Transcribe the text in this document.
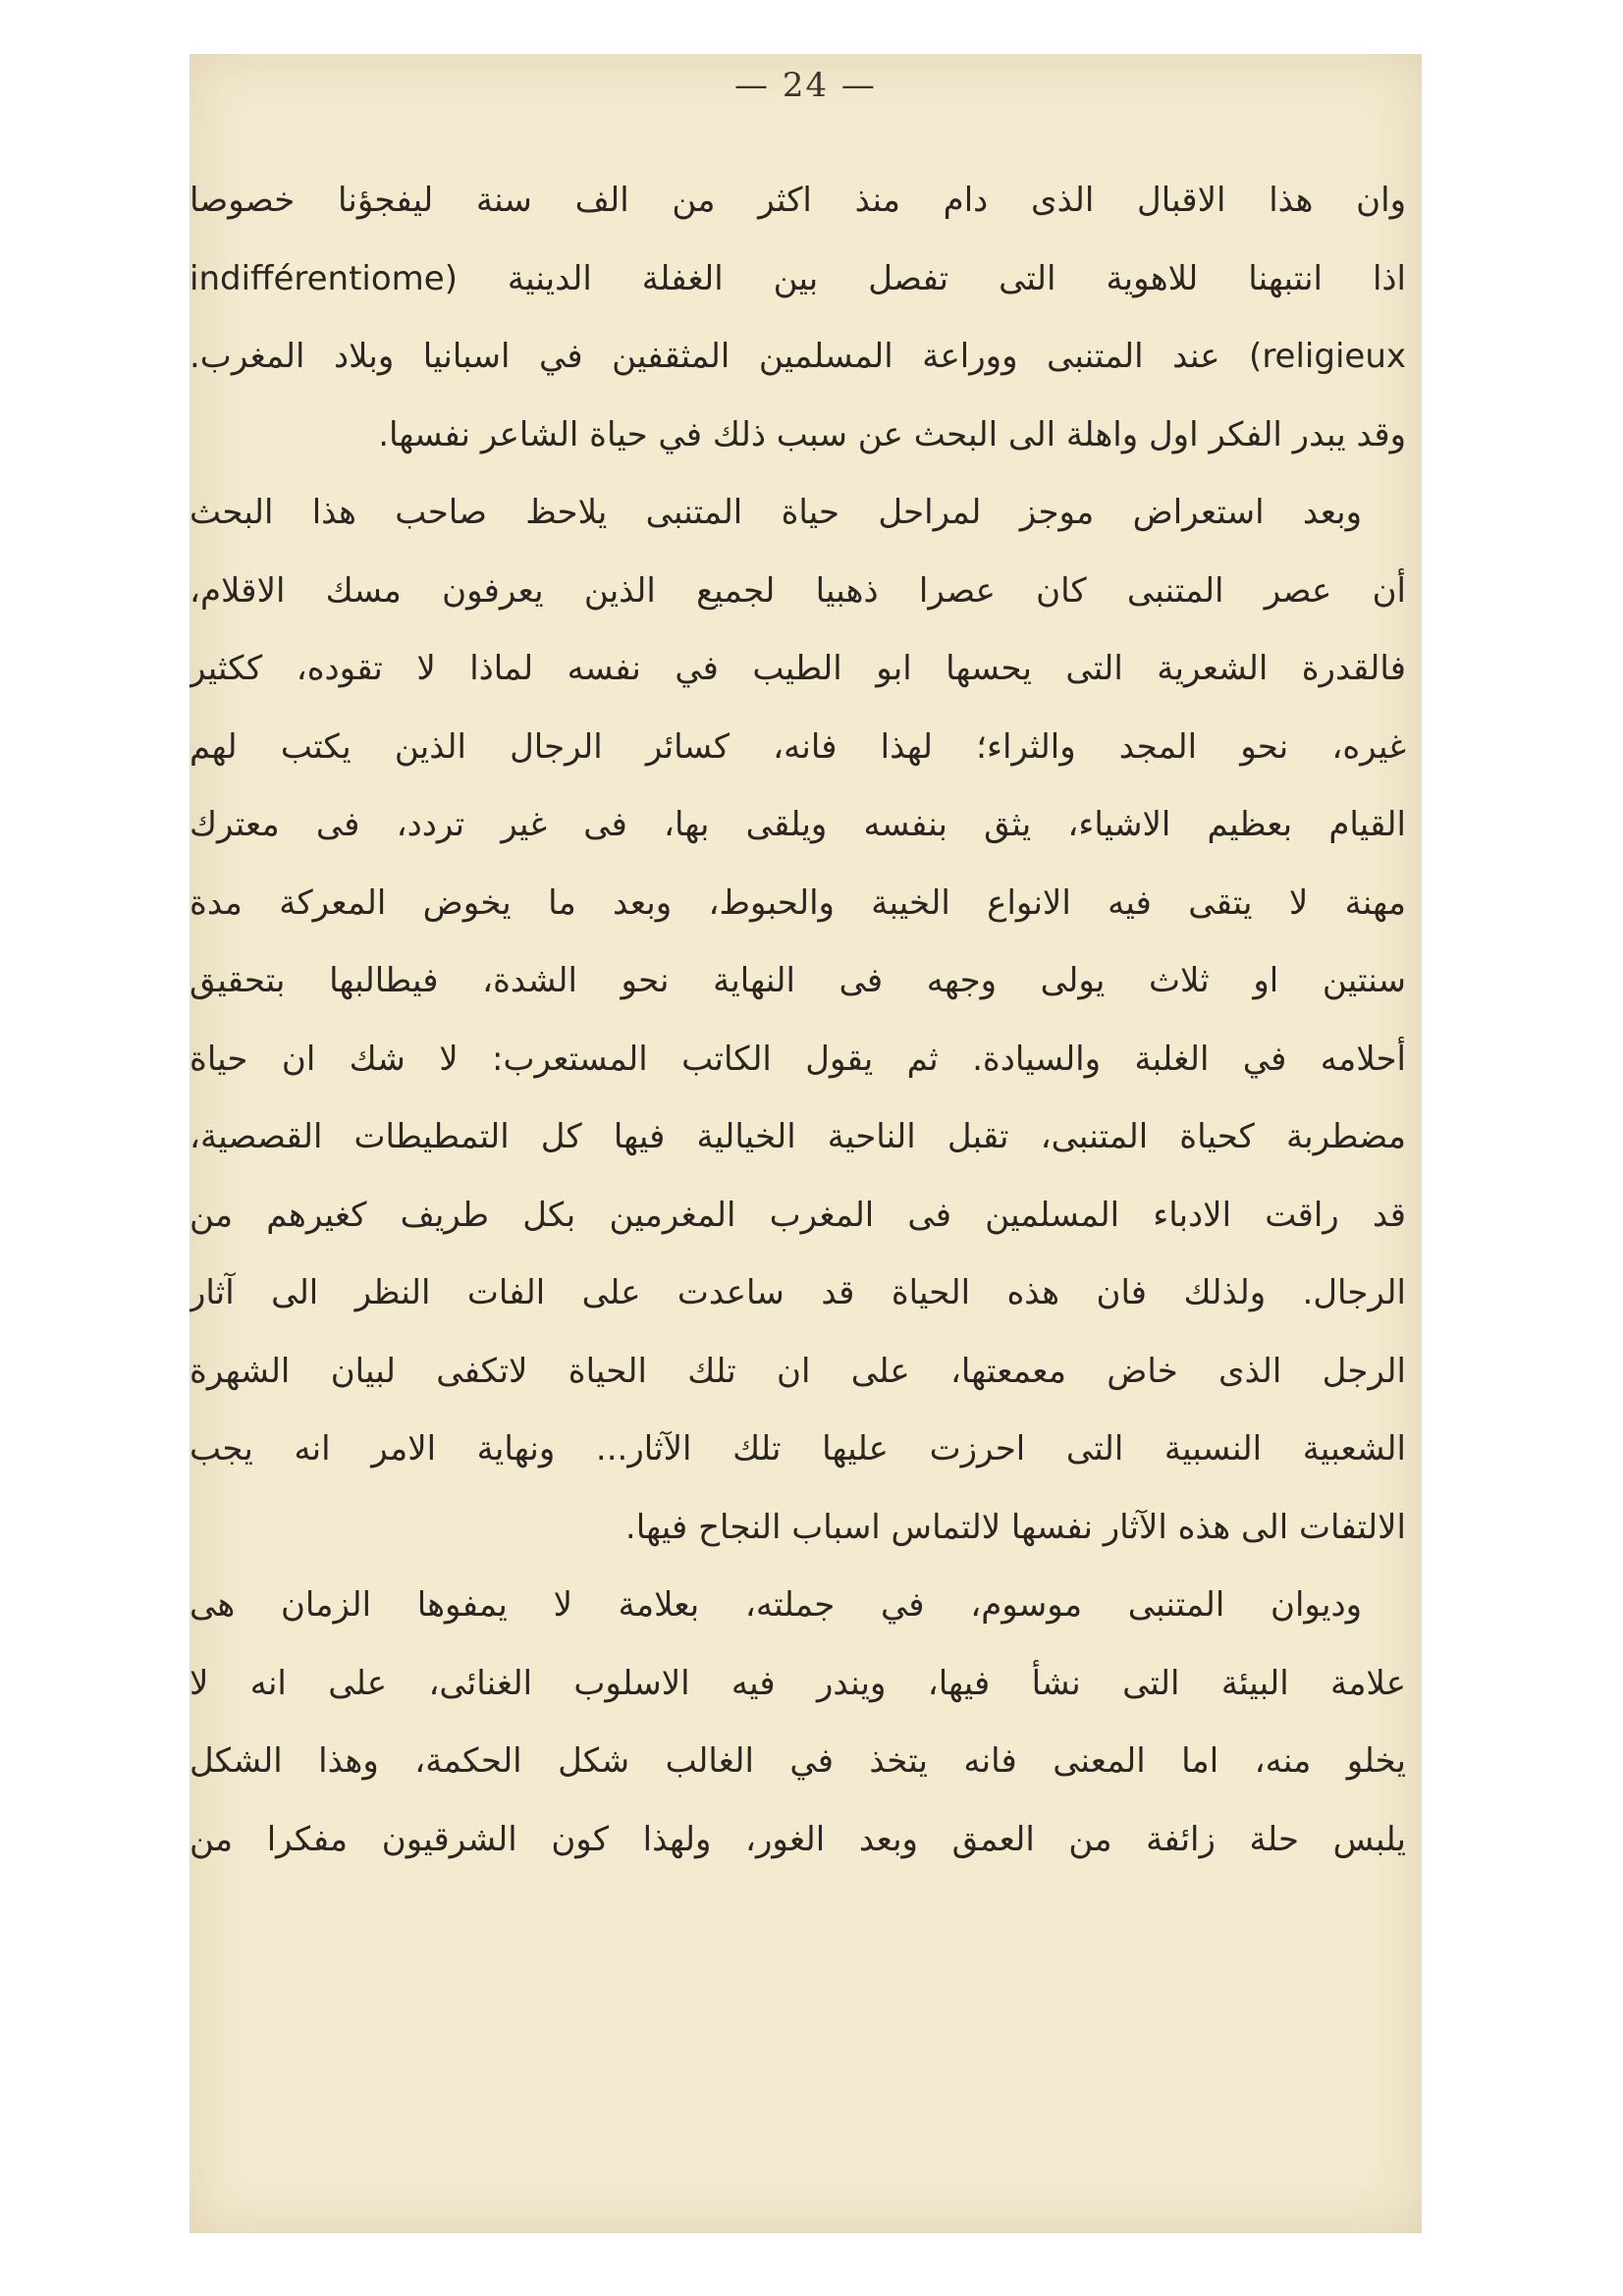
— 24 —
وان هذا الاقبال الذى دام منذ اكثر من الف سنة ليفجؤنا خصوصا
اذا انتبهنا للاهوية التى تفصل بين الغفلة الدينية (indifférentiome
religieux) عند المتنبى ووراعة المسلمين المثقفين في اسبانيا وبلاد المغرب.
وقد يبدر الفكر اول واهلة الى البحث عن سبب ذلك في حياة الشاعر نفسها.
وبعد استعراض موجز لمراحل حياة المتنبى يلاحظ صاحب هذا البحث
أن عصر المتنبى كان عصرا ذهبيا لجميع الذين يعرفون مسك الاقلام،
فالقدرة الشعرية التى يحسها ابو الطيب في نفسه لماذا لا تقوده، ككثير
غيره، نحو المجد والثراء؛ لهذا فانه، كسائر الرجال الذين يكتب لهم
القيام بعظيم الاشياء، يثق بنفسه ويلقى بها، فى غير تردد، فى معترك
مهنة لا يتقى فيه الانواع الخيبة والحبوط، وبعد ما يخوض المعركة مدة
سنتين او ثلاث يولى وجهه فى النهاية نحو الشدة، فيطالبها بتحقيق
أحلامه في الغلبة والسيادة. ثم يقول الكاتب المستعرب: لا شك ان حياة
مضطربة كحياة المتنبى، تقبل الناحية الخيالية فيها كل التمطيطات القصصية،
قد راقت الادباء المسلمين فى المغرب المغرمين بكل طريف كغيرهم من
الرجال. ولذلك فان هذه الحياة قد ساعدت على الفات النظر الى آثار
الرجل الذى خاض معمعتها، على ان تلك الحياة لاتكفى لبيان الشهرة
الشعبية النسبية التى احرزت عليها تلك الآثار... ونهاية الامر انه يجب
الالتفات الى هذه الآثار نفسها لالتماس اسباب النجاح فيها.
وديوان المتنبى موسوم، في جملته، بعلامة لا يمفوها الزمان هى
علامة البيئة التى نشأ فيها، ويندر فيه الاسلوب الغنائى، على انه لا
يخلو منه، اما المعنى فانه يتخذ في الغالب شكل الحكمة، وهذا الشكل
يلبس حلة زائفة من العمق وبعد الغور، ولهذا كون الشرقيون مفكرا من
